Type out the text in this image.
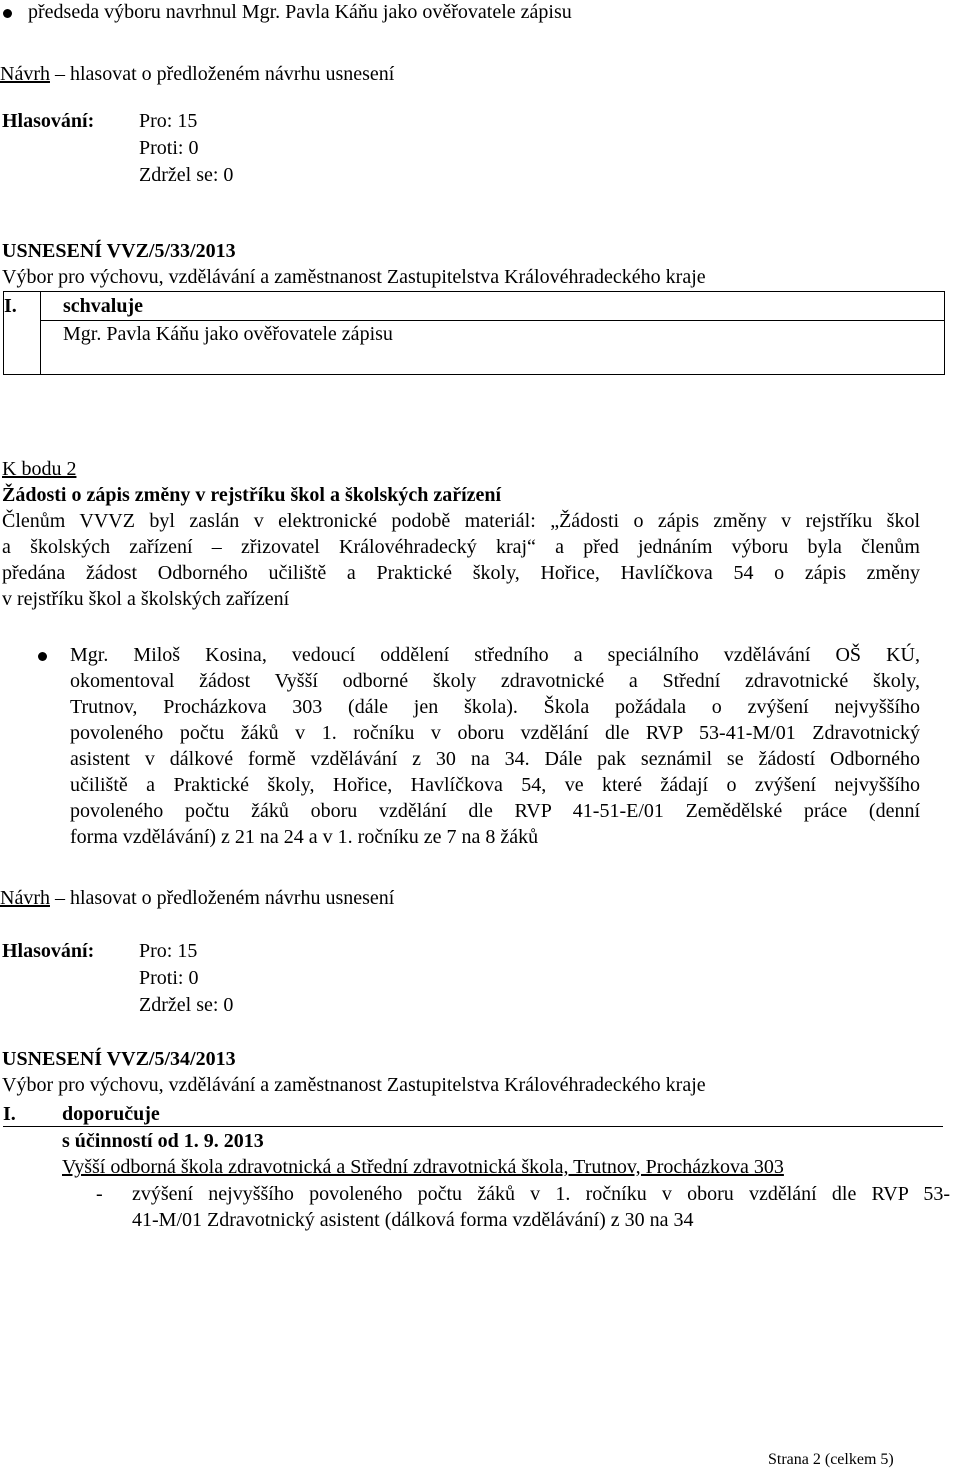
předseda výboru navrhnul Mgr. Pavla Káňu jako ověřovatele zápisu
Návrh – hlasovat o předloženém návrhu usnesení
Hlasování: Pro: 15
Proti: 0
Zdržel se: 0
USNESENÍ VVZ/5/33/2013
Výbor pro výchovu, vzdělávání a zaměstnanost Zastupitelstva Královéhradeckého kraje
I. schvaluje
Mgr. Pavla Káňu jako ověřovatele zápisu
K bodu 2
Žádosti o zápis změny v rejstříku škol a školských zařízení
Členům VVVZ byl zaslán v elektronické podobě materiál: „Žádosti o zápis změny v rejstříku škol
a školských zařízení – zřizovatel Královéhradecký kraj“ a před jednáním výboru byla členům
předána žádost Odborného učiliště a Praktické školy, Hořice, Havlíčkova 54 o zápis změny
v rejstříku škol a školských zařízení
Mgr. Miloš Kosina, vedoucí oddělení středního a speciálního vzdělávání OŠ KÚ,
okomentoval žádost Vyšší odborné školy zdravotnické a Střední zdravotnické školy,
Trutnov, Procházkova 303 (dále jen škola). Škola požádala o zvýšení nejvyššího
povoleného počtu žáků v 1. ročníku v oboru vzdělání dle RVP 53-41-M/01 Zdravotnický
asistent v dálkové formě vzdělávání z 30 na 34. Dále pak seznámil se žádostí Odborného
učiliště a Praktické školy, Hořice, Havlíčkova 54, ve které žádají o zvýšení nejvyššího
povoleného počtu žáků oboru vzdělání dle RVP 41-51-E/01 Zemědělské práce (denní
forma vzdělávání) z 21 na 24 a v 1. ročníku ze 7 na 8 žáků
Návrh – hlasovat o předloženém návrhu usnesení
Hlasování: Pro: 15
Proti: 0
Zdržel se: 0
USNESENÍ VVZ/5/34/2013
Výbor pro výchovu, vzdělávání a zaměstnanost Zastupitelstva Královéhradeckého kraje
I. doporučuje
s účinností od 1. 9. 2013
Vyšší odborná škola zdravotnická a Střední zdravotnická škola, Trutnov, Procházkova 303
- zvýšení nejvyššího povoleného počtu žáků v 1. ročníku v oboru vzdělání dle RVP 53-
41-M/01 Zdravotnický asistent (dálková forma vzdělávání) z 30 na 34
Strana 2 (celkem 5)
